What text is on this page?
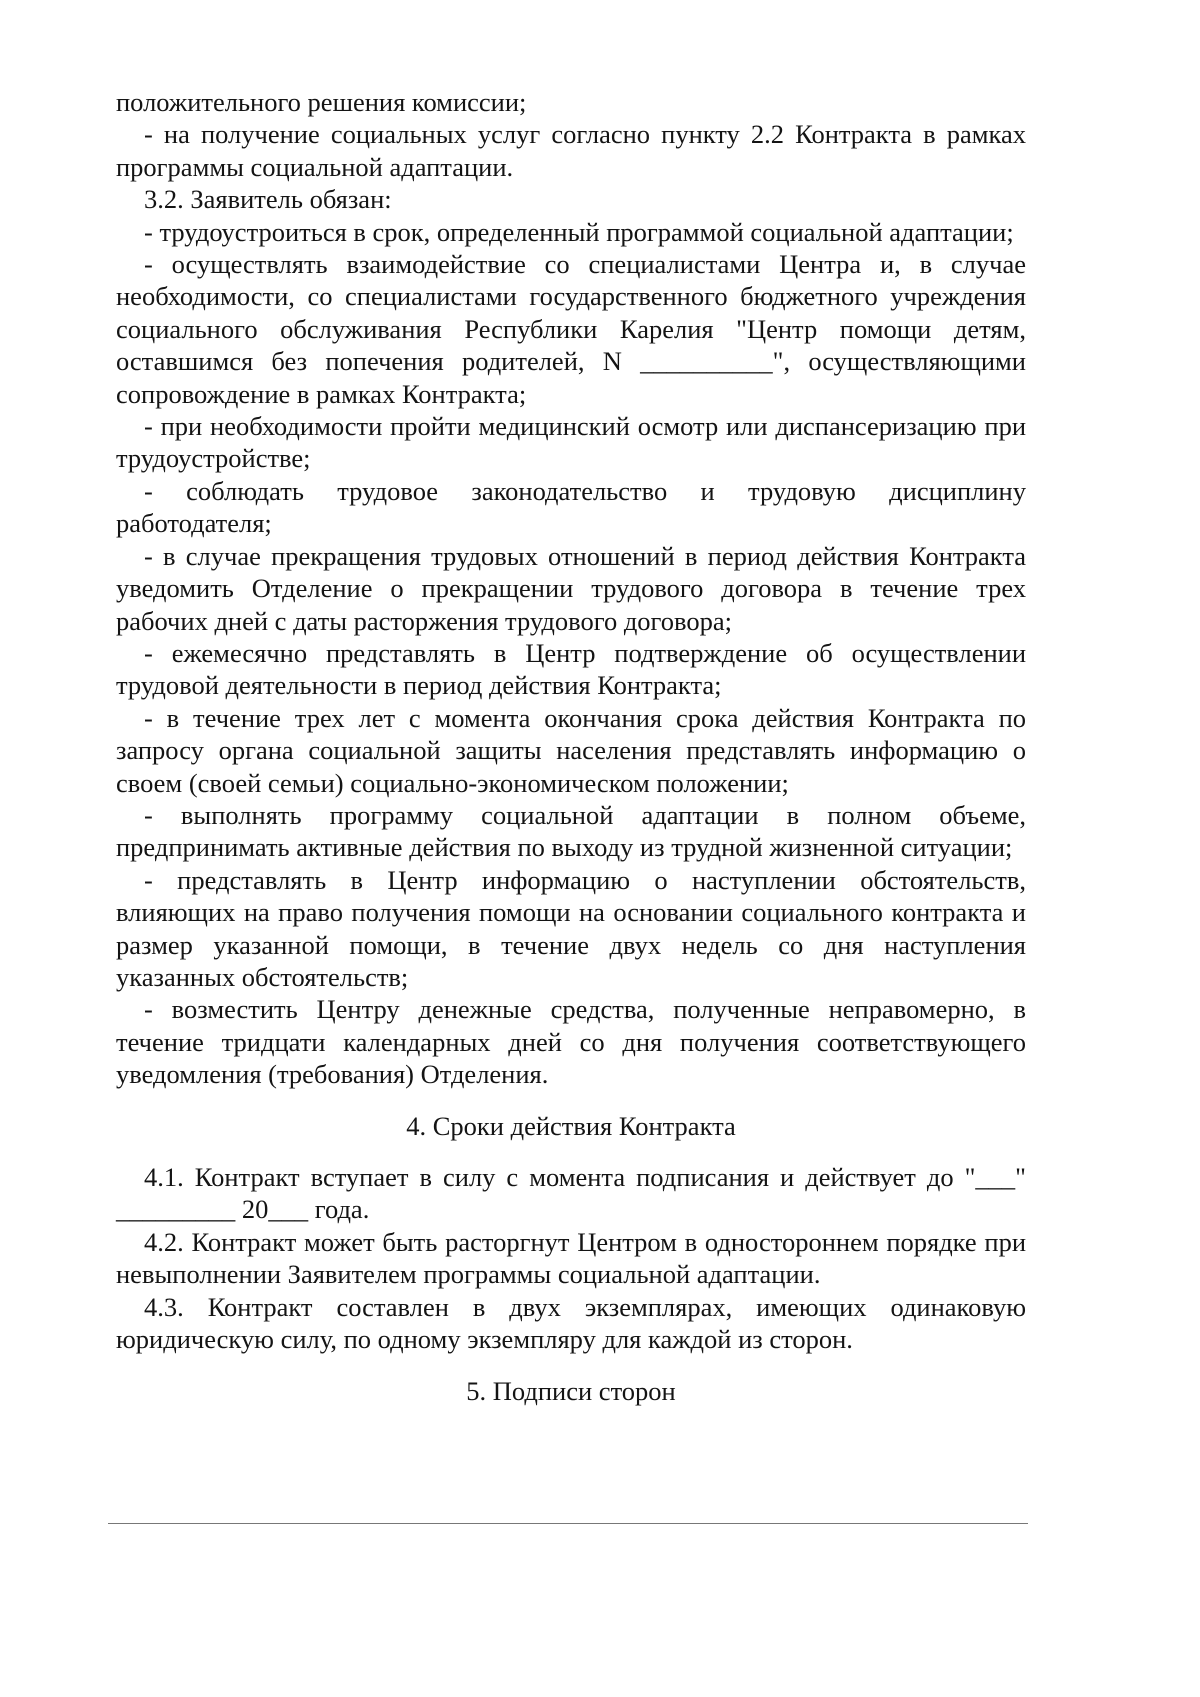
положительного решения комиссии;

- на получение социальных услуг согласно пункту 2.2 Контракта в рамках программы социальной адаптации.

3.2. Заявитель обязан:

- трудоустроиться в срок, определенный программой социальной адаптации;

- осуществлять взаимодействие со специалистами Центра и, в случае необходимости, со специалистами государственного бюджетного учреждения социального обслуживания Республики Карелия "Центр помощи детям, оставшимся без попечения родителей, N __________", осуществляющими сопровождение в рамках Контракта;

- при необходимости пройти медицинский осмотр или диспансеризацию при трудоустройстве;

- соблюдать трудовое законодательство и трудовую дисциплину работодателя;

- в случае прекращения трудовых отношений в период действия Контракта уведомить Отделение о прекращении трудового договора в течение трех рабочих дней с даты расторжения трудового договора;

- ежемесячно представлять в Центр подтверждение об осуществлении трудовой деятельности в период действия Контракта;

- в течение трех лет с момента окончания срока действия Контракта по запросу органа социальной защиты населения представлять информацию о своем (своей семьи) социально-экономическом положении;

- выполнять программу социальной адаптации в полном объеме, предпринимать активные действия по выходу из трудной жизненной ситуации;

- представлять в Центр информацию о наступлении обстоятельств, влияющих на право получения помощи на основании социального контракта и размер указанной помощи, в течение двух недель со дня наступления указанных обстоятельств;

- возместить Центру денежные средства, полученные неправомерно, в течение тридцати календарных дней со дня получения соответствующего уведомления (требования) Отделения.

4. Сроки действия Контракта

4.1. Контракт вступает в силу с момента подписания и действует до "___" _________ 20___ года.

4.2. Контракт может быть расторгнут Центром в одностороннем порядке при невыполнении Заявителем программы социальной адаптации.

4.3. Контракт составлен в двух экземплярах, имеющих одинаковую юридическую силу, по одному экземпляру для каждой из сторон.

5. Подписи сторон
